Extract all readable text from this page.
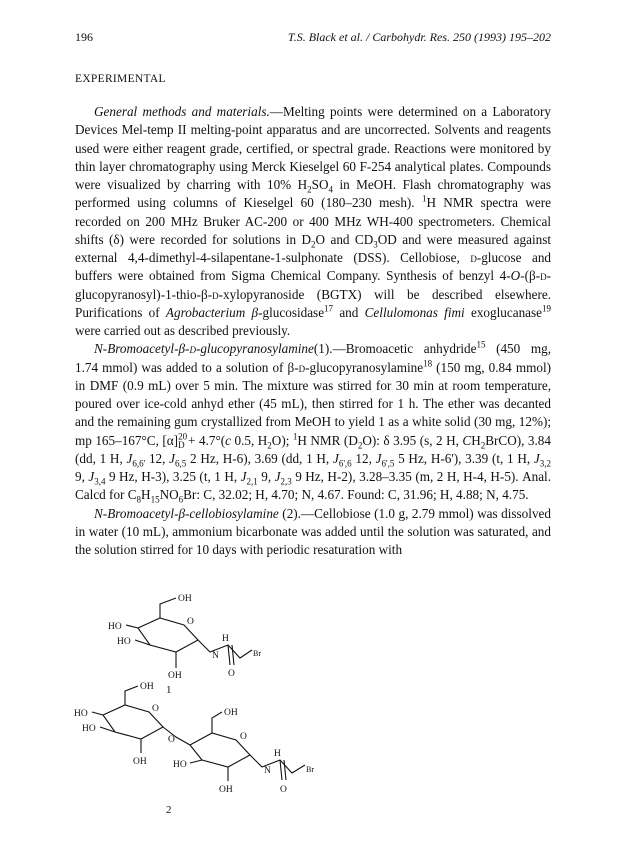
196	T.S. Black et al. / Carbohydr. Res. 250 (1993) 195–202
EXPERIMENTAL

General methods and materials.—Melting points were determined on a Laboratory Devices Mel-temp II melting-point apparatus and are uncorrected. Solvents and reagents used were either reagent grade, certified, or spectral grade. Reactions were monitored by thin layer chromatography using Merck Kieselgel 60 F-254 analytical plates. Compounds were visualized by charring with 10% $H_2SO_4$ in MeOH. Flash chromatography was performed using columns of Kieselgel 60 (180–230 mesh). $^1$H NMR spectra were recorded on 200 MHz Bruker AC-200 or 400 MHz WH-400 spectrometers. Chemical shifts (δ) were recorded for solutions in $D_2O$ and $CD_3OD$ and were measured against external 4,4-dimethyl-4-silapentane-1-sulphonate (DSS). Cellobiose, d-glucose and buffers were obtained from Sigma Chemical Company. Synthesis of benzyl 4-O-(β-d-glucopyranosyl)-1-thio-β-d-xylopyranoside (BGTX) will be described elsewhere. Purifications of Agrobacterium β-glucosidase$^{17}$ and Cellulomonas fimi exoglucanase$^{19}$ were carried out as described previously.

N-Bromoacetyl-β-d-glucopyranosylamine(1).—Bromoacetic anhydride$^{15}$ (450 mg, 1.74 mmol) was added to a solution of β-d-glucopyranosylamine$^{18}$ (150 mg, 0.84 mmol) in DMF (0.9 mL) over 5 min. The mixture was stirred for 30 min at room temperature, poured over ice-cold anhyd ether (45 mL), then stirred for 1 h. The ether was decanted and the remaining gum crystallized from MeOH to yield 1 as a white solid (30 mg, 12%); mp 165–167°C, $[\alpha]^{20}_D + 4.7^\circ(c$ 0.5, $H_2O$); $^1$H NMR $(D_2O)$: δ 3.95 (s, 2 H, $CH_2BrCO$), 3.84 (dd, 1 H, $J_{6,6'}$ 12, $J_{6,5}$ 2 Hz, H-6), 3.69 (dd, 1 H, $J_{6',6}$ 12, $J_{6',5}$ 5 Hz, H-6'), 3.39 (t, 1 H, $J_{3,2}$ 9, $J_{3,4}$ 9 Hz, H-3), 3.25 (t, 1 H, $J_{2,1}$ 9, $J_{2,3}$ 9 Hz, H-2), 3.28–3.35 (m, 2 H, H-4, H-5). Anal. Calcd for $C_8H_{15}NO_6Br$: C, 32.02; H, 4.70; N, 4.67. Found: C, 31.96; H, 4.88; N, 4.75.

N-Bromoacetyl-β-cellobiosylamine (2).—Cellobiose (1.0 g, 2.79 mmol) was dissolved in water (10 mL), ammonium bicarbonate was added until the solution was saturated, and the solution stirred for 10 days with periodic resaturation with

OH
HO
HO
O
OH
N
H
Br
O
1
OH
HO
HO
O
OH
O
OH
HO
O
OH
N
H
Br
O
2
